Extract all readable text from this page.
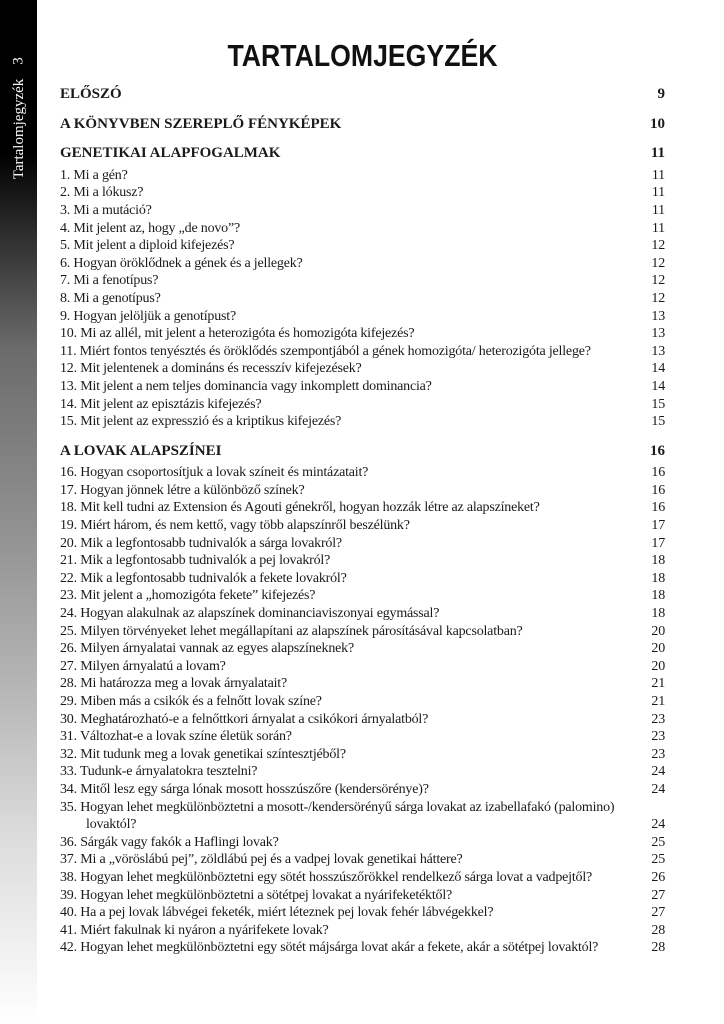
3
Tartalomjegyzék
TARTALOMJEGYZÉK
ELŐSZÓ	9
A KÖNYVBEN SZEREPLŐ FÉNYKÉPEK	10
GENETIKAI ALAPFOGALMAK	11
1. Mi a gén?	11
2. Mi a lókusz?	11
3. Mi a mutáció?	11
4. Mit jelent az, hogy „de novo”?	11
5. Mit jelent a diploid kifejezés?	12
6. Hogyan öröklődnek a gének és a jellegek?	12
7. Mi a fenotípus?	12
8. Mi a genotípus?	12
9. Hogyan jelöljük a genotípust?	13
10. Mi az allél, mit jelent a heterozigóta és homozigóta kifejezés?	13
11. Miért fontos tenyésztés és öröklődés szempontjából a gének homozigóta/ heterozigóta jellege?	13
12. Mit jelentenek a domináns és recesszív kifejezések?	14
13. Mit jelent a nem teljes dominancia vagy inkomplett dominancia?	14
14. Mit jelent az episztázis kifejezés?	15
15. Mit jelent az expresszió és a kriptikus kifejezés?	15
A LOVAK ALAPSZÍNEI	16
16. Hogyan csoportosítjuk a lovak színeit és mintázatait?	16
17. Hogyan jönnek létre a különböző színek?	16
18. Mit kell tudni az Extension és Agouti génekről, hogyan hozzák létre az alapszíneket?	16
19. Miért három, és nem kettő, vagy több alapszínről beszélünk?	17
20. Mik a legfontosabb tudnivalók a sárga lovakról?	17
21. Mik a legfontosabb tudnivalók a pej lovakról?	18
22. Mik a legfontosabb tudnivalók a fekete lovakról?	18
23. Mit jelent a „homozigóta fekete” kifejezés?	18
24. Hogyan alakulnak az alapszínek dominanciaviszonyai egymással?	18
25. Milyen törvényeket lehet megállapítani az alapszínek párosításával kapcsolatban?	20
26. Milyen árnyalatai vannak az egyes alapszíneknek?	20
27. Milyen árnyalatú a lovam?	20
28. Mi határozza meg a lovak árnyalatait?	21
29. Miben más a csikók és a felnőtt lovak színe?	21
30. Meghatározható-e a felnőttkori árnyalat a csikókori árnyalatból?	23
31. Változhat-e a lovak színe életük során?	23
32. Mit tudunk meg a lovak genetikai színtesztjéből?	23
33. Tudunk-e árnyalatokra tesztelni?	24
34. Mitől lesz egy sárga lónak mosott hosszúszőre (kendersörénye)?	24
35. Hogyan lehet megkülönböztetni a mosott-/kendersörényű sárga lovakat az izabellafakó (palomino) lovaktól?	24
36. Sárgák vagy fakók a Haflingi lovak?	25
37. Mi a „vöröslábú pej”, zöldlábú pej és a vadpej lovak genetikai háttere?	25
38. Hogyan lehet megkülönböztetni egy sötét hosszúszőrökkel rendelkező sárga lovat a vadpejtől?	26
39. Hogyan lehet megkülönböztetni a sötétpej lovakat a nyárifeketéktől?	27
40. Ha a pej lovak lábvégei feketék, miért léteznek pej lovak fehér lábvégekkel?	27
41. Miért fakulnak ki nyáron a nyárifekete lovak?	28
42. Hogyan lehet megkülönböztetni egy sötét májsárga lovat akár a fekete, akár a sötétpej lovaktól?	28
